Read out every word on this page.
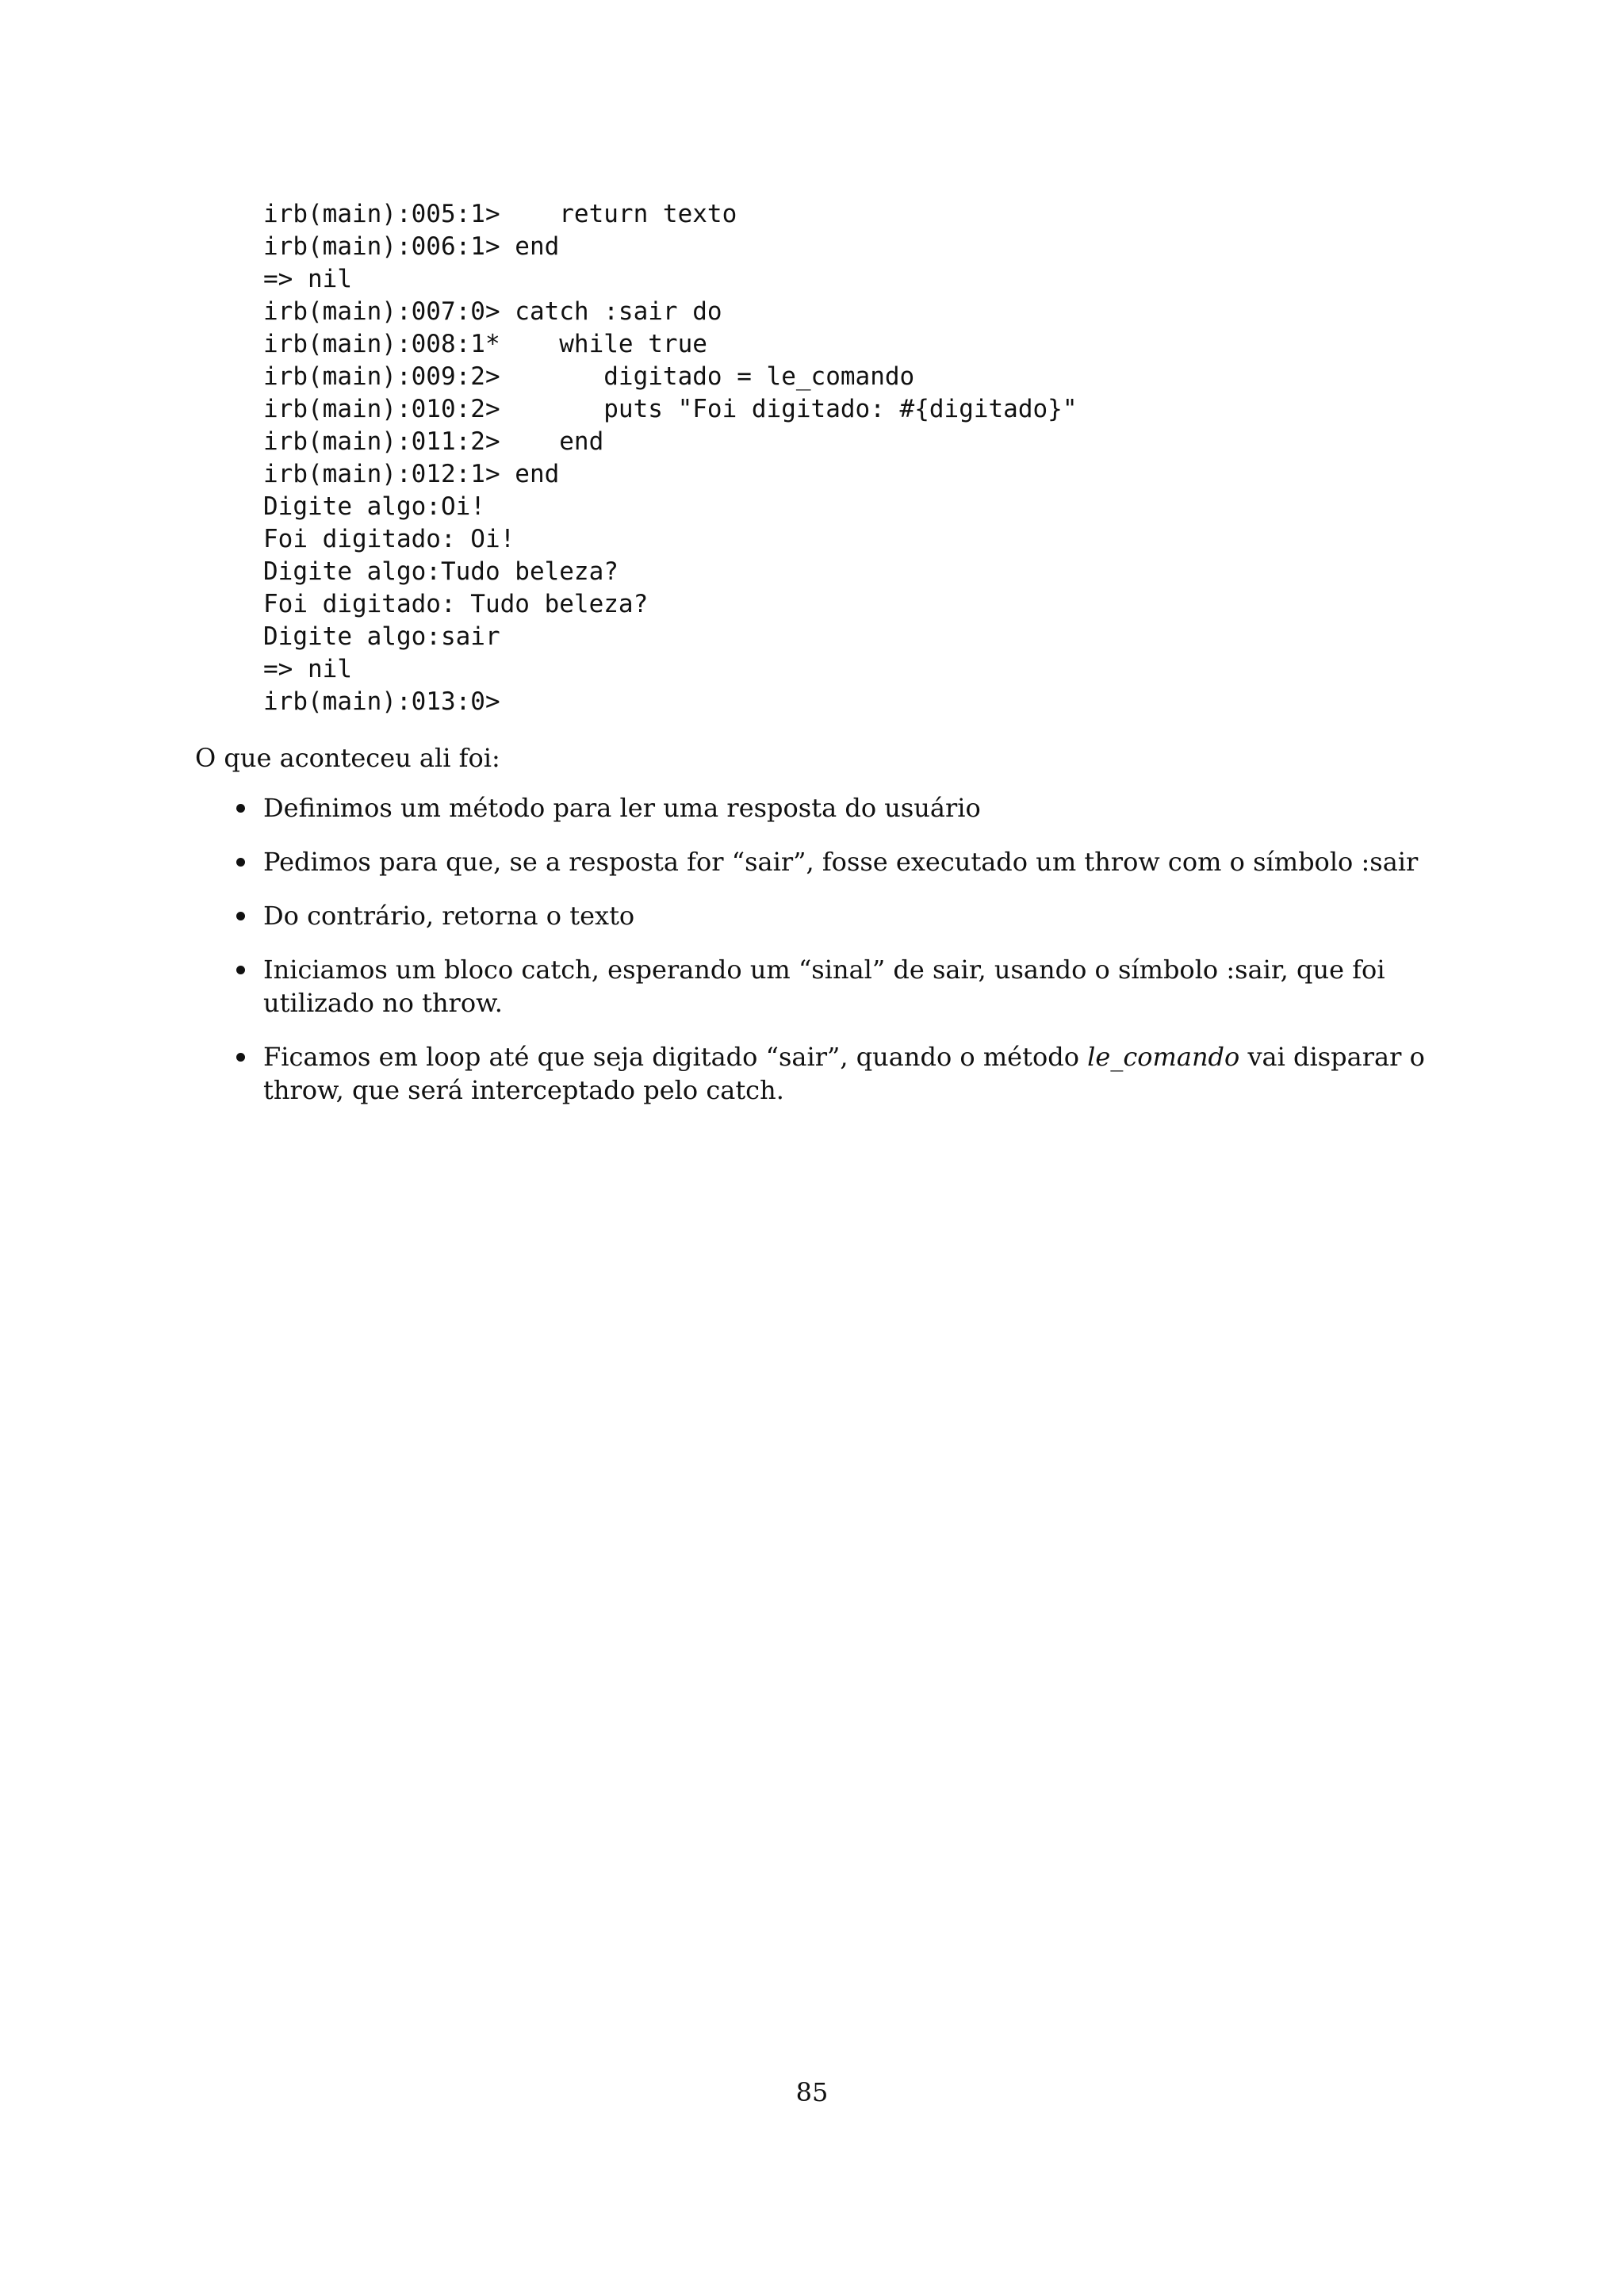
irb(main):005:1>    return texto
irb(main):006:1> end
=> nil
irb(main):007:0> catch :sair do
irb(main):008:1*    while true
irb(main):009:2>       digitado = le_comando
irb(main):010:2>       puts "Foi digitado: #{digitado}"
irb(main):011:2>    end
irb(main):012:1> end
Digite algo:Oi!
Foi digitado: Oi!
Digite algo:Tudo beleza?
Foi digitado: Tudo beleza?
Digite algo:sair
=> nil
irb(main):013:0>

O que aconteceu ali foi:

Definimos um método para ler uma resposta do usuário
Pedimos para que, se a resposta for “sair”, fosse executado um throw com o símbolo :sair
Do contrário, retorna o texto
Iniciamos um bloco catch, esperando um “sinal” de sair, usando o símbolo :sair, que foi utilizado no throw.
Ficamos em loop até que seja digitado “sair”, quando o método le_comando vai disparar o throw, que será interceptado pelo catch.
85
